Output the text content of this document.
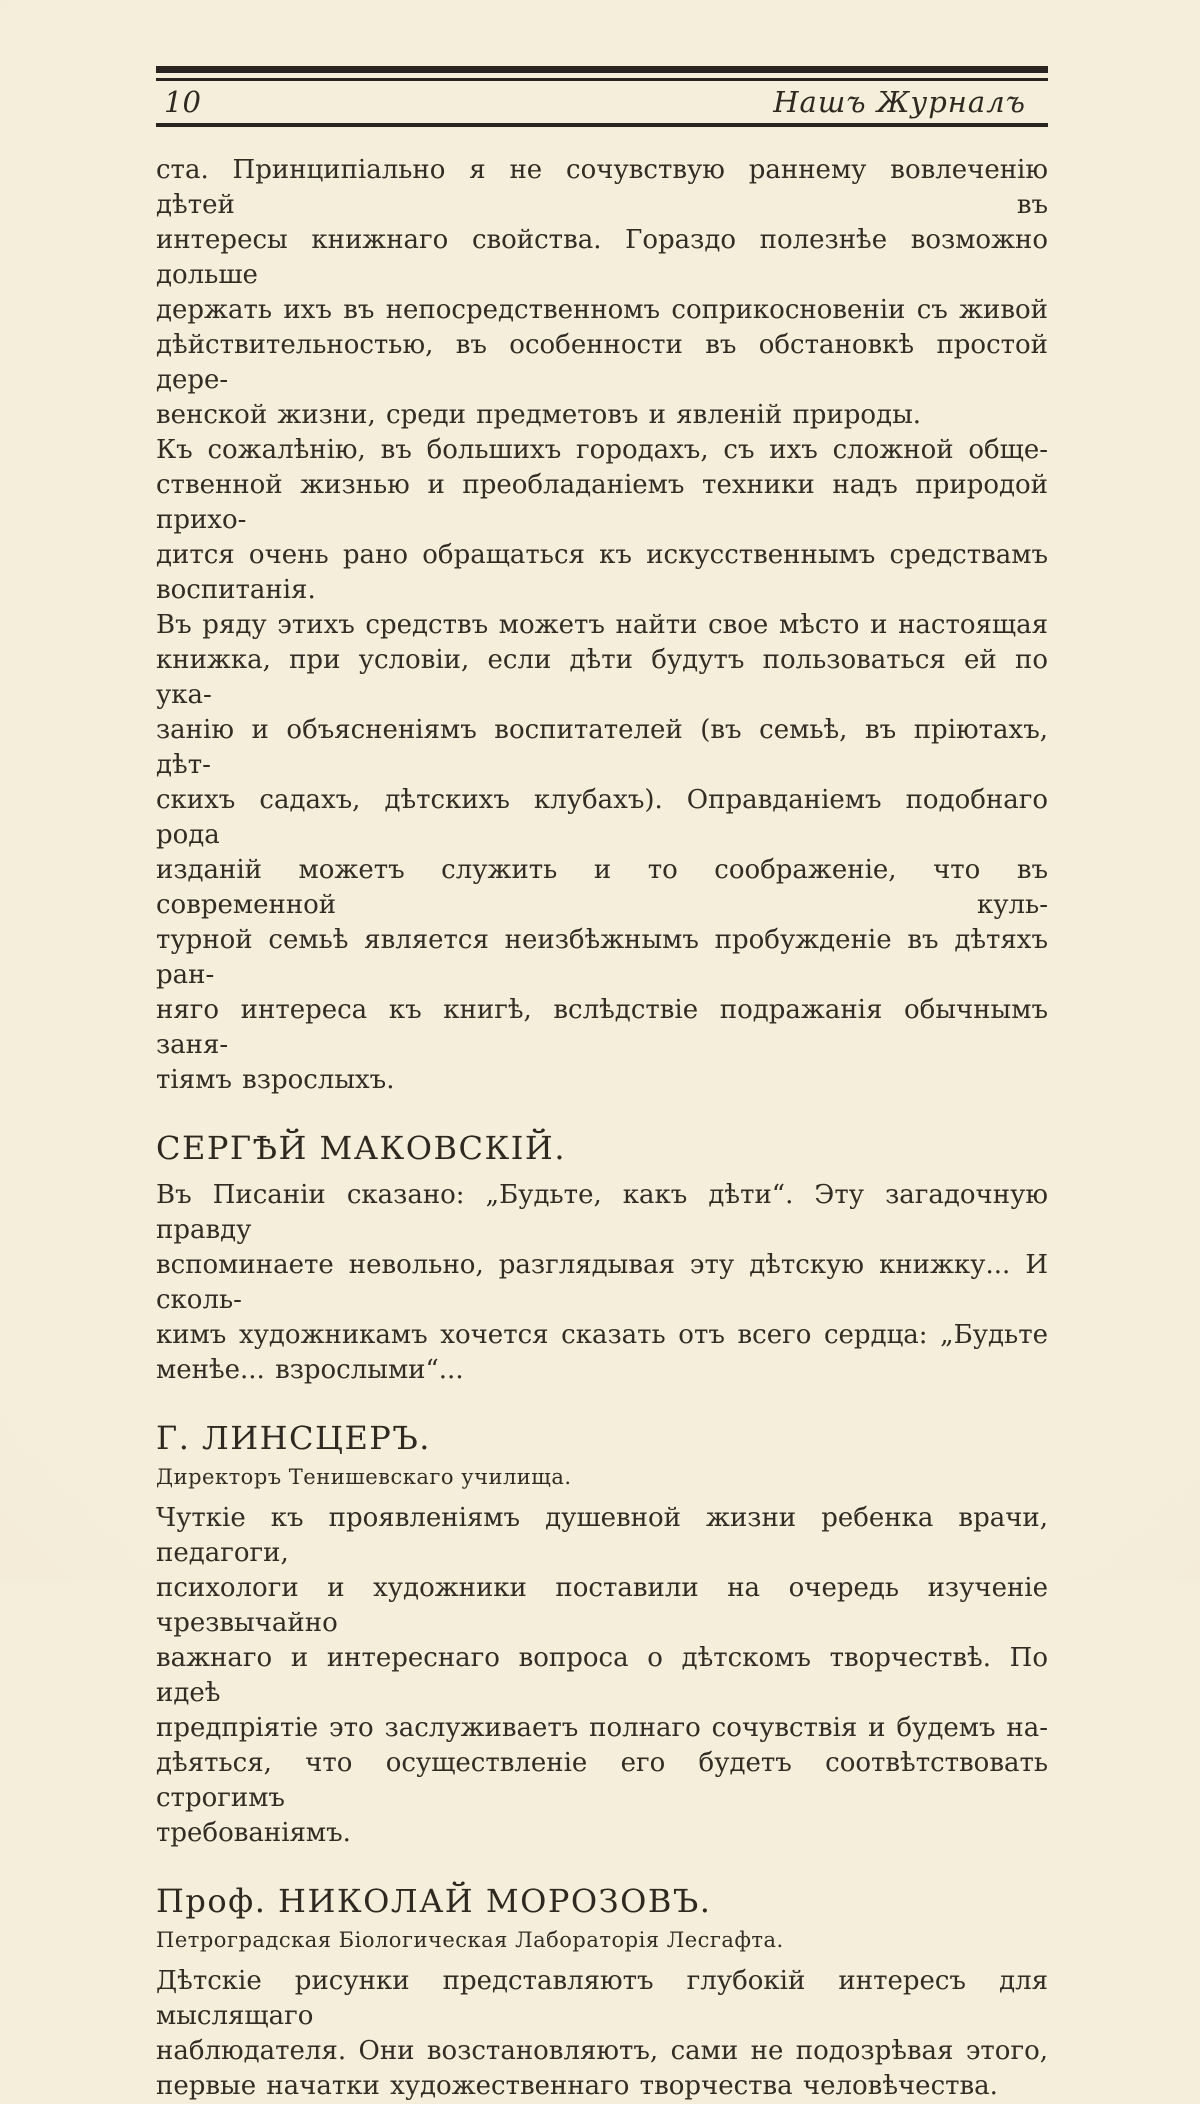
10	Нашъ Журналъ
ста. Принципіально я не сочувствую раннему вовлеченію дѣтей въ
интересы книжнаго свойства. Гораздо полезнѣе возможно дольше
держать ихъ въ непосредственномъ соприкосновеніи съ живой
дѣйствительностью, въ особенности въ обстановкѣ простой дере-
венской жизни, среди предметовъ и явленій природы.
Къ сожалѣнію, въ большихъ городахъ, съ ихъ сложной обще-
ственной жизнью и преобладаніемъ техники надъ природой прихо-
дится очень рано обращаться къ искусственнымъ средствамъ
воспитанія.
Въ ряду этихъ средствъ можетъ найти свое мѣсто и настоящая
книжка, при условіи, если дѣти будутъ пользоваться ей по ука-
занію и объясненіямъ воспитателей (въ семьѣ, въ пріютахъ, дѣт-
скихъ садахъ, дѣтскихъ клубахъ). Оправданіемъ подобнаго рода
изданій можетъ служить и то соображеніе, что въ современной куль-
турной семьѣ является неизбѣжнымъ пробужденіе въ дѣтяхъ ран-
няго интереса къ книгѣ, вслѣдствіе подражанія обычнымъ заня-
тіямъ взрослыхъ.
СЕРГѢЙ МАКОВСКІЙ.
Въ Писаніи сказано: „Будьте, какъ дѣти“. Эту загадочную правду
вспоминаете невольно, разглядывая эту дѣтскую книжку... И сколь-
кимъ художникамъ хочется сказать отъ всего сердца: „Будьте
менѣе... взрослыми“...
Г. ЛИНСЦЕРЪ.
Директоръ Тенишевскаго училища.
Чуткіе къ проявленіямъ душевной жизни ребенка врачи, педагоги,
психологи и художники поставили на очередь изученіе чрезвычайно
важнаго и интереснаго вопроса о дѣтскомъ творчествѣ. По идеѣ
предпріятіе это заслуживаетъ полнаго сочувствія и будемъ на-
дѣяться, что осуществленіе его будетъ соотвѣтствовать строгимъ
требованіямъ.
Проф. НИКОЛАЙ МОРОЗОВЪ.
Петроградская Біологическая Лабораторія Лесгафта.
Дѣтскіе рисунки представляютъ глубокій интересъ для мыслящаго
наблюдателя. Они возстановляютъ, сами не подозрѣвая этого,
первые начатки художественнаго творчества человѣчества.
